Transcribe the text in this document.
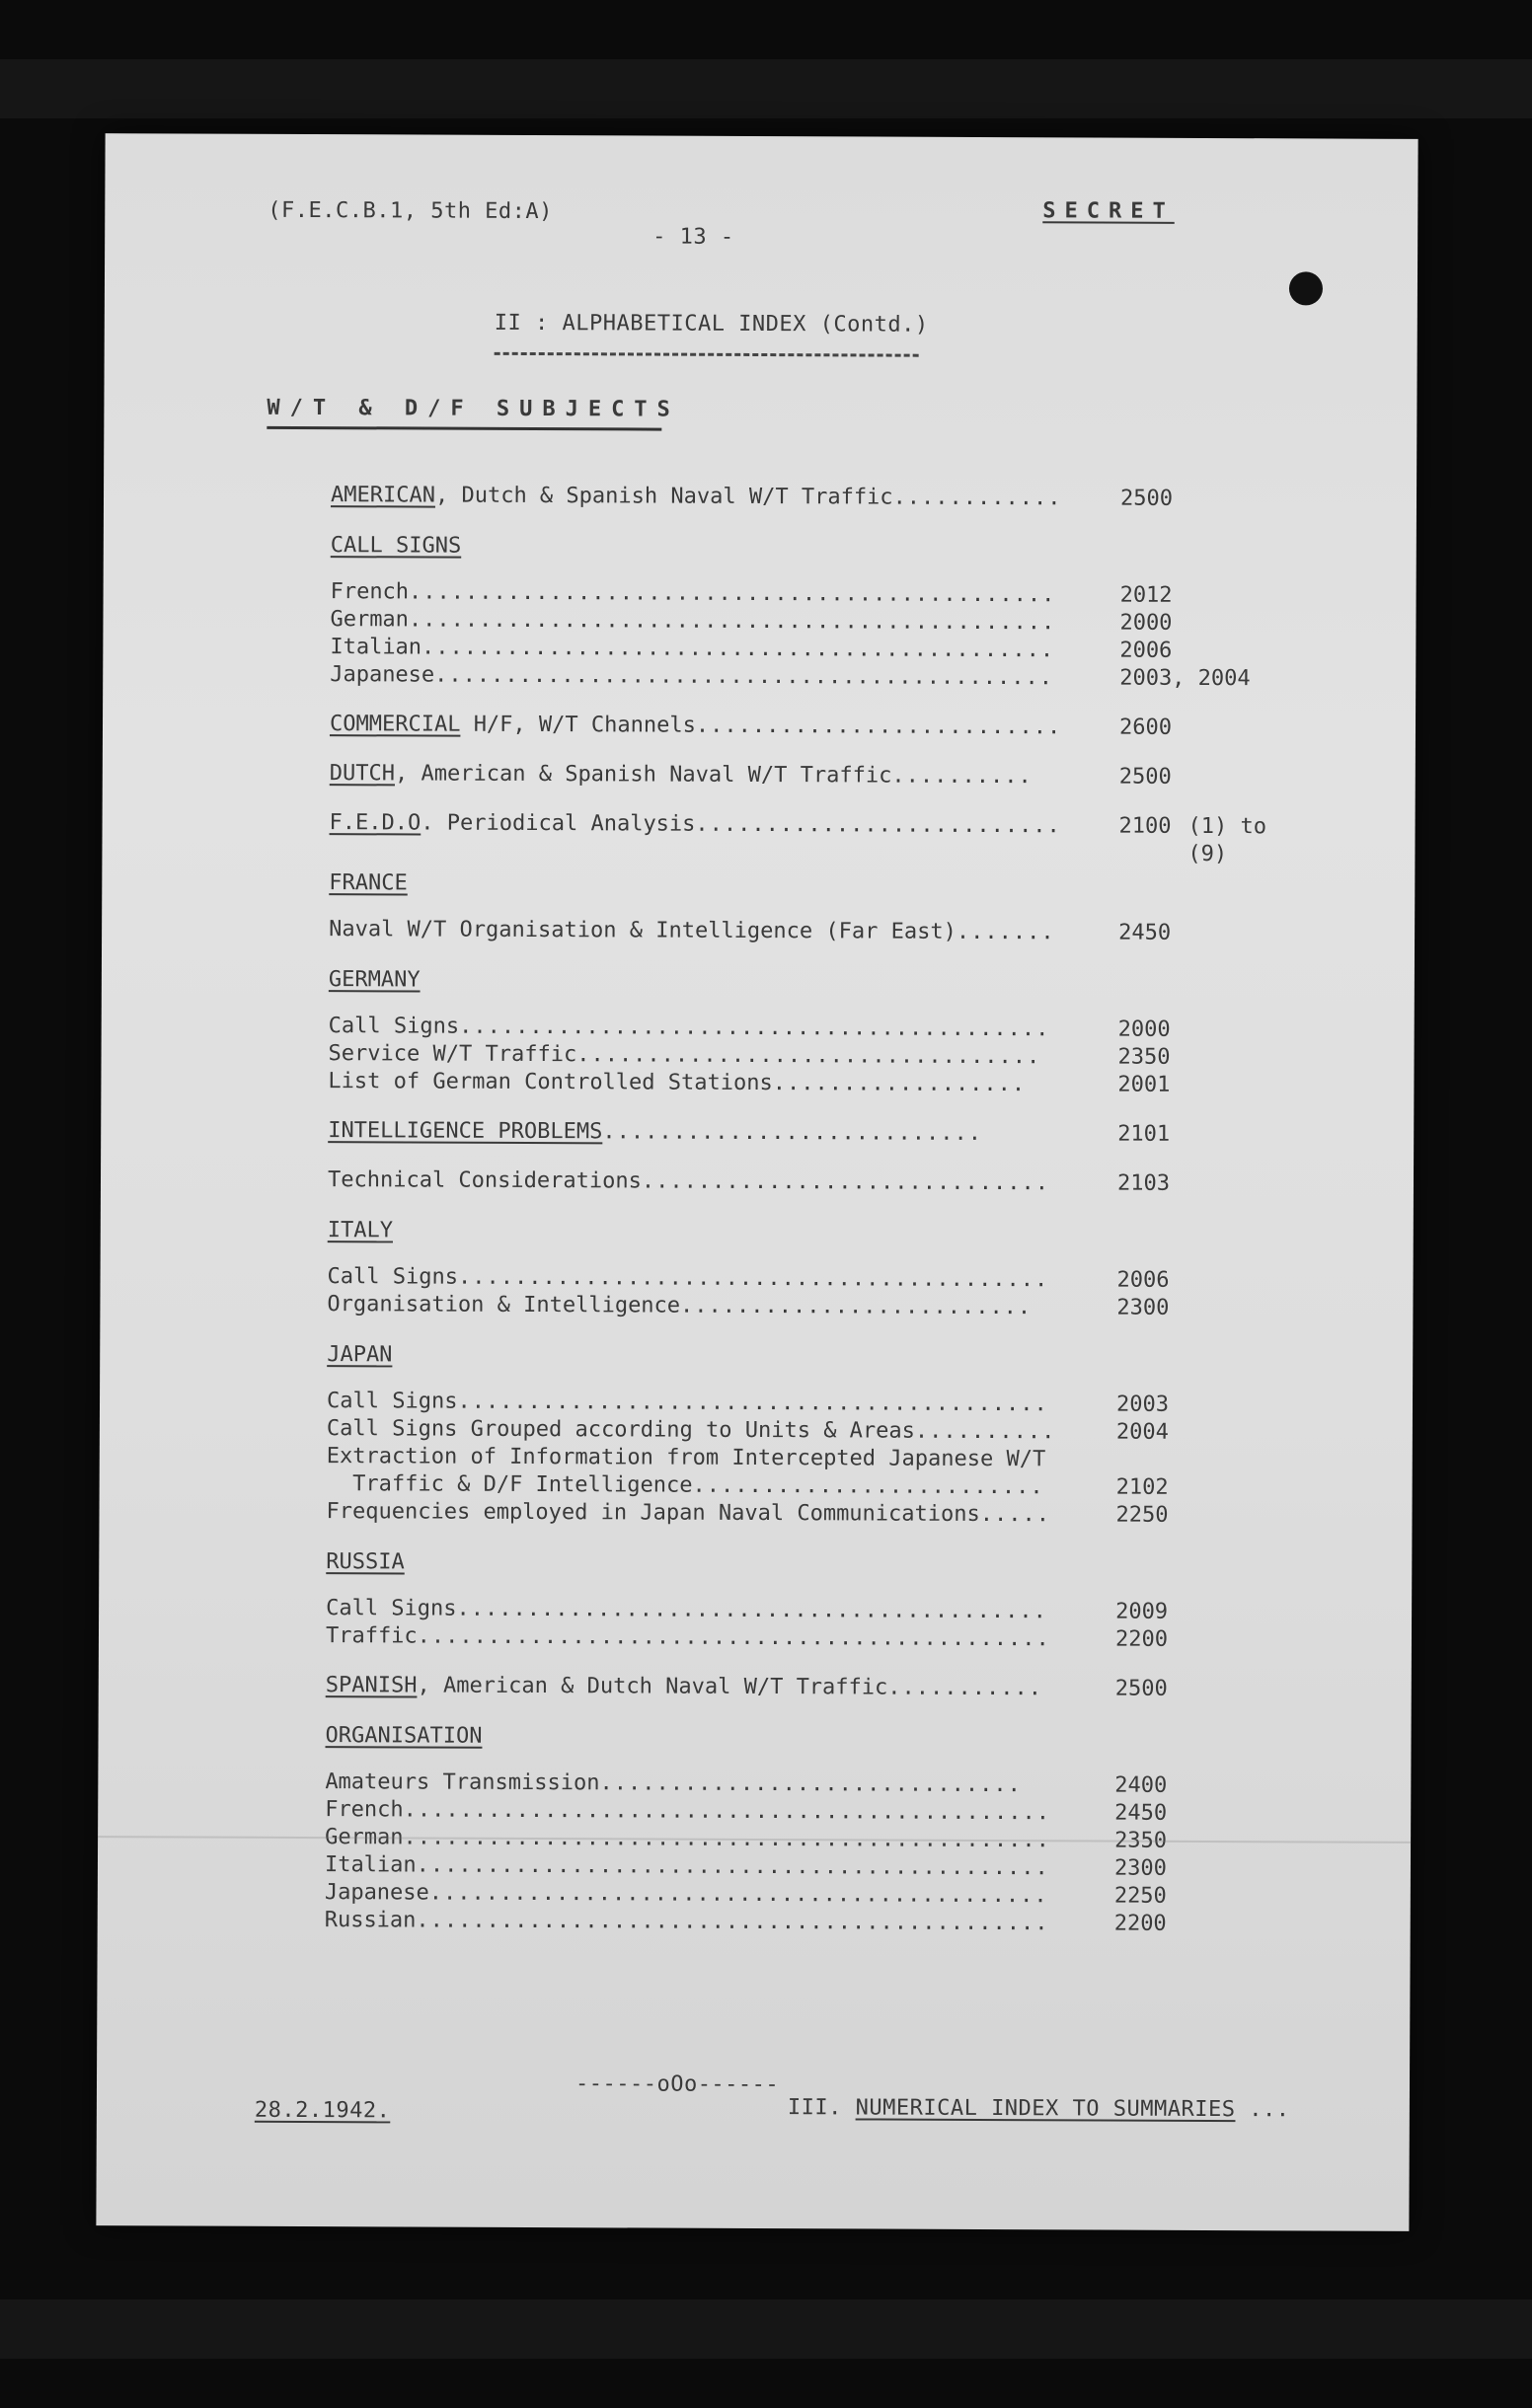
(F.E.C.B.1, 5th Ed:A)	SECRET
- 13 -
II : ALPHABETICAL INDEX (Contd.)
W/T & D/F SUBJECTS
AMERICAN , Dutch & Spanish Naval W/T Traffic ............	2500
CALL SIGNS
French ..............................................	2012
German ..............................................	2000
Italian .............................................	2006
Japanese ............................................	2003, 2004
COMMERCIAL H/F, W/T Channels ..........................	2600
DUTCH , American & Spanish Naval W/T Traffic ..........	2500
F.E.D.O . Periodical Analysis ..........................	2100 (1) to
(9)
FRANCE
Naval W/T Organisation & Intelligence (Far East) .......	2450
GERMANY
Call Signs ..........................................	2000
Service W/T Traffic .................................	2350
List of German Controlled Stations ..................	2001
INTELLIGENCE PROBLEMS ...........................	2101
Technical Considerations .............................	2103
ITALY
Call Signs ..........................................	2006
Organisation & Intelligence .........................	2300
JAPAN
Call Signs ..........................................	2003
Call Signs Grouped according to Units & Areas ..........	2004
Extraction of Information from Intercepted Japanese W/T
Traffic & D/F Intelligence .........................	2102
Frequencies employed in Japan Naval Communications .....	2250
RUSSIA
Call Signs ..........................................	2009
Traffic .............................................	2200
SPANISH , American & Dutch Naval W/T Traffic ...........	2500
ORGANISATION
Amateurs Transmission ..............................	2400
French ..............................................	2450
German ..............................................	2350
Italian .............................................	2300
Japanese ............................................	2250
Russian .............................................	2200
28.2.1942.
------oOo------
III. NUMERICAL INDEX TO SUMMARIES ...
